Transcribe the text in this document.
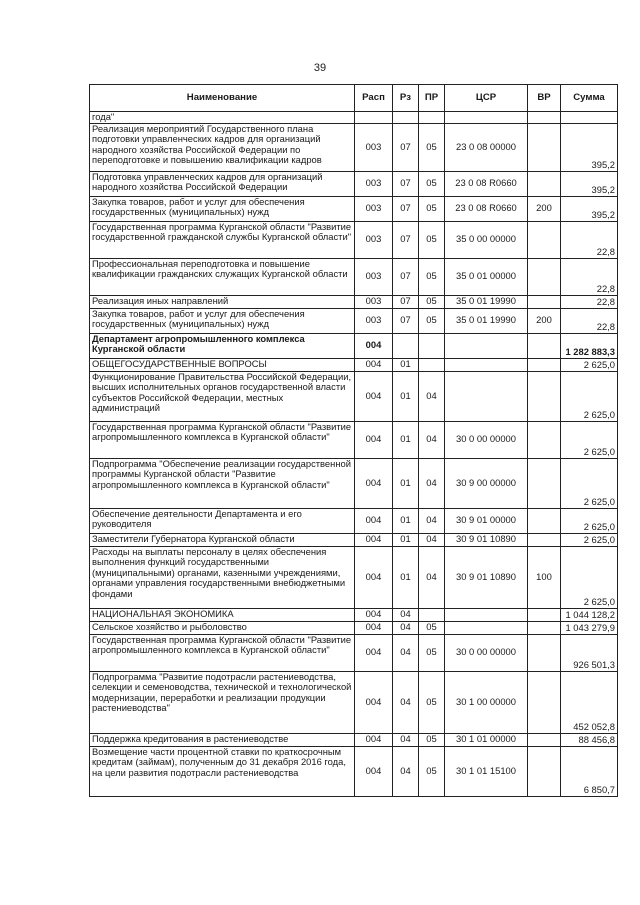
39
Наименование	Расп	Рз	ПР	ЦСР	ВР	Сумма
года"						
Реализация мероприятий Государственного плана подготовки управленческих кадров для организаций народного хозяйства Российской Федерации по переподготовке и повышению квалификации кадров	003	07	05	23 0 08 00000		395,2
Подготовка управленческих кадров для организаций народного хозяйства Российской Федерации	003	07	05	23 0 08 R0660		395,2
Закупка товаров, работ и услуг для обеспечения государственных (муниципальных) нужд	003	07	05	23 0 08 R0660	200	395,2
Государственная программа Курганской области "Развитие государственной гражданской службы Курганской области"	003	07	05	35 0 00 00000		22,8
Профессиональная переподготовка и повышение квалификации гражданских служащих Курганской области	003	07	05	35 0 01 00000		22,8
Реализация иных направлений	003	07	05	35 0 01 19990		22,8
Закупка товаров, работ и услуг для обеспечения государственных (муниципальных) нужд	003	07	05	35 0 01 19990	200	22,8
Департамент агропромышленного комплекса Курганской области	004					1 282 883,3
ОБЩЕГОСУДАРСТВЕННЫЕ ВОПРОСЫ	004	01				2 625,0
Функционирование Правительства Российской Федерации, высших исполнительных органов государственной власти субъектов Российской Федерации, местных администраций	004	01	04			2 625,0
Государственная программа Курганской области "Развитие агропромышленного комплекса в Курганской области"	004	01	04	30 0 00 00000		2 625,0
Подпрограмма "Обеспечение реализации государственной программы Курганской области "Развитие агропромышленного комплекса в Курганской области"	004	01	04	30 9 00 00000		2 625,0
Обеспечение деятельности Департамента и его руководителя	004	01	04	30 9 01 00000		2 625,0
Заместители Губернатора Курганской области	004	01	04	30 9 01 10890		2 625,0
Расходы на выплаты персоналу в целях обеспечения выполнения функций государственными (муниципальными) органами, казенными учреждениями, органами управления государственными внебюджетными фондами	004	01	04	30 9 01 10890	100	2 625,0
НАЦИОНАЛЬНАЯ ЭКОНОМИКА	004	04				1 044 128,2
Сельское хозяйство и рыболовство	004	04	05			1 043 279,9
Государственная программа Курганской области "Развитие агропромышленного комплекса в Курганской области"	004	04	05	30 0 00 00000		926 501,3
Подпрограмма "Развитие подотрасли растениеводства, селекции и семеноводства, технической и технологической модернизации, переработки и реализации продукции растениеводства"	004	04	05	30 1 00 00000		452 052,8
Поддержка кредитования в растениеводстве	004	04	05	30 1 01 00000		88 456,8
Возмещение части процентной ставки по краткосрочным кредитам (займам), полученным до 31 декабря 2016 года, на цели развития подотрасли растениеводства	004	04	05	30 1 01 15100		6 850,7
